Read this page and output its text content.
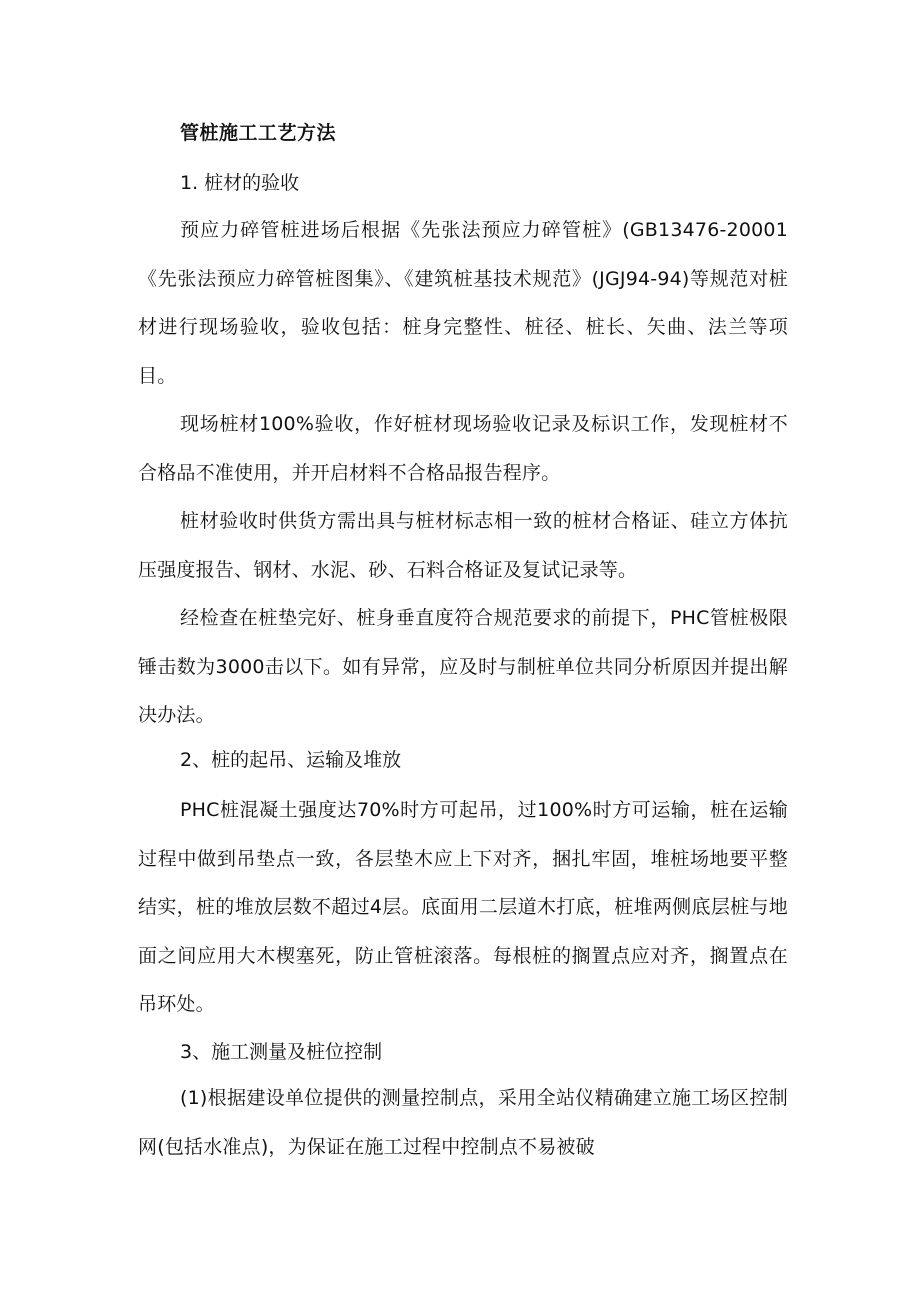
管桩施工工艺方法
1. 桩材的验收

预应力碎管桩进场后根据《先张法预应力碎管桩》(GB13476-20001《先张法预应力碎管桩图集》、《建筑桩基技术规范》(JGJ94-94)等规范对桩材进行现场验收，验收包括：桩身完整性、桩径、桩长、矢曲、法兰等项目。

现场桩材100%验收，作好桩材现场验收记录及标识工作，发现桩材不合格品不准使用，并开启材料不合格品报告程序。

桩材验收时供货方需出具与桩材标志相一致的桩材合格证、硅立方体抗压强度报告、钢材、水泥、砂、石料合格证及复试记录等。

经检查在桩垫完好、桩身垂直度符合规范要求的前提下，PHC管桩极限锤击数为3000击以下。如有异常，应及时与制桩单位共同分析原因并提出解决办法。

2、桩的起吊、运输及堆放

PHC桩混凝土强度达70%时方可起吊，过100%时方可运输，桩在运输过程中做到吊垫点一致，各层垫木应上下对齐，捆扎牢固，堆桩场地要平整结实，桩的堆放层数不超过4层。底面用二层道木打底，桩堆两侧底层桩与地面之间应用大木楔塞死，防止管桩滚落。每根桩的搁置点应对齐，搁置点在吊环处。

3、施工测量及桩位控制

(1)根据建设单位提供的测量控制点，采用全站仪精确建立施工场区控制网(包括水准点)，为保证在施工过程中控制点不易被破
